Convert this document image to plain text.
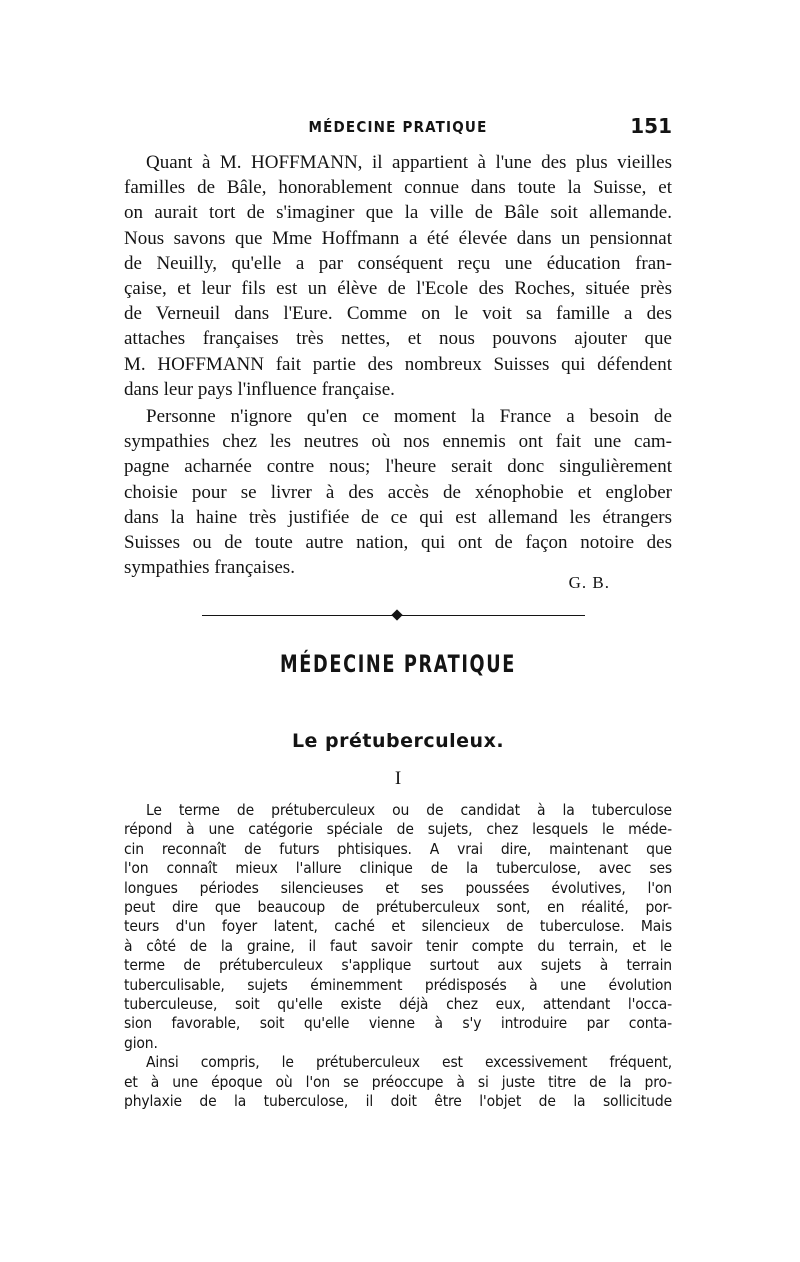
MÉDECINE PRATIQUE	151
Quant à M. HOFFMANN, il appartient à l'une des plus vieilles
familles de Bâle, honorablement connue dans toute la Suisse, et
on aurait tort de s'imaginer que la ville de Bâle soit allemande.
Nous savons que Mme Hoffmann a été élevée dans un pensionnat
de Neuilly, qu'elle a par conséquent reçu une éducation fran-
çaise, et leur fils est un élève de l'Ecole des Roches, située près
de Verneuil dans l'Eure. Comme on le voit sa famille a des
attaches françaises très nettes, et nous pouvons ajouter que
M. HOFFMANN fait partie des nombreux Suisses qui défendent
dans leur pays l'influence française.
Personne n'ignore qu'en ce moment la France a besoin de
sympathies chez les neutres où nos ennemis ont fait une cam-
pagne acharnée contre nous; l'heure serait donc singulièrement
choisie pour se livrer à des accès de xénophobie et englober
dans la haine très justifiée de ce qui est allemand les étrangers
Suisses ou de toute autre nation, qui ont de façon notoire des
sympathies françaises.
G. B.
MÉDECINE PRATIQUE
Le prétuberculeux.
I
Le terme de prétuberculeux ou de candidat à la tuberculose
répond à une catégorie spéciale de sujets, chez lesquels le méde-
cin reconnaît de futurs phtisiques. A vrai dire, maintenant que
l'on connaît mieux l'allure clinique de la tuberculose, avec ses
longues périodes silencieuses et ses poussées évolutives, l'on
peut dire que beaucoup de prétuberculeux sont, en réalité, por-
teurs d'un foyer latent, caché et silencieux de tuberculose. Mais
à côté de la graine, il faut savoir tenir compte du terrain, et le
terme de prétuberculeux s'applique surtout aux sujets à terrain
tuberculisable, sujets éminemment prédisposés à une évolution
tuberculeuse, soit qu'elle existe déjà chez eux, attendant l'occa-
sion favorable, soit qu'elle vienne à s'y introduire par conta-
gion.
Ainsi compris, le prétuberculeux est excessivement fréquent,
et à une époque où l'on se préoccupe à si juste titre de la pro-
phylaxie de la tuberculose, il doit être l'objet de la sollicitude
